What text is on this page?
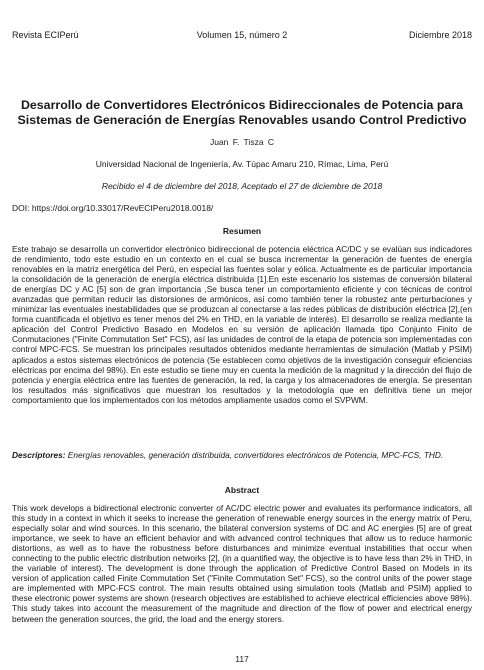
Revista ECIPerú	Volumen 15, número 2	Diciembre 2018
Desarrollo de Convertidores Electrónicos Bidireccionales de Potencia para
Sistemas de Generación de Energías Renovables usando Control Predictivo
Juan F. Tisza C
Universidad Nacional de Ingeniería, Av. Túpac Amaru 210, Rímac, Lima, Perú
Recibido el 4 de diciembre del 2018, Aceptado el 27 de diciembre de 2018
DOI: https://doi.org/10.33017/RevECIPeru2018.0018/
Resumen
Este trabajo se desarrolla un convertidor electrónico bidireccional de potencia eléctrica AC/DC y se evalúan sus indicadores de rendimiento, todo este estudio en un contexto en el cual se busca incrementar la generación de fuentes de energía renovables en la matriz energética del Perú, en especial las fuentes solar y eólica. Actualmente es de particular importancia la consolidación de la generación de energía eléctrica distribuida [1].En este escenario los sistemas de conversión bilateral de energías DC y AC [5] son de gran importancia ,Se busca tener un comportamiento eficiente y con técnicas de control avanzadas que permitan reducir las distorsiones de armónicos, así como también tener la robustez ante perturbaciones y minimizar las eventuales inestabilidades que se produzcan al conectarse a las redes públicas de distribución eléctrica [2],(en forma cuantificada el objetivo es tener menos del 2% en THD, en la variable de interés). El desarrollo se realiza mediante la aplicación del Control Predictivo Basado en Modelos en su versión de aplicación llamada tipo Conjunto Finito de Conmutaciones ("Finite Commutation Set" FCS), así las unidades de control de la etapa de potencia son implementadas con control MPC-FCS. Se muestran los principales resultados obtenidos mediante herramientas de simulación (Matlab y PSIM) aplicados a estos sistemas electrónicos de potencia (Se establecen como objetivos de la investigación conseguir eficiencias eléctricas por encima del 98%). En este estudio se tiene muy en cuenta la medición de la magnitud y la dirección del flujo de potencia y energía eléctrica entre las fuentes de generación, la red, la carga y los almacenadores de energía. Se presentan los resultados más significativos que muestran los resultados y la metodología que en definitiva tiene un mejor comportamiento que los implementados con los métodos ampliamente usados como el SVPWM.
Descriptores: Energías renovables, generación distribuida, convertidores electrónicos de Potencia, MPC-FCS, THD.
Abstract
This work develops a bidirectional electronic converter of AC/DC electric power and evaluates its performance indicators, all this study in a context in which it seeks to increase the generation of renewable energy sources in the energy matrix of Peru, especially solar and wind sources. In this scenario, the bilateral conversion systems of DC and AC energies [5] are of great importance, we seek to have an efficient behavior and with advanced control techniques that allow us to reduce harmonic distortions, as well as to have the robustness before disturbances and minimize eventual instabilities that occur when connecting to the public electric distribution networks [2], (in a quantified way, the objective is to have less than 2% in THD, in the variable of interest). The development is done through the application of Predictive Control Based on Models in its version of application called Finite Commutation Set ("Finite Commutation Set" FCS), so the control units of the power stage are implemented with MPC-FCS control. The main results obtained using simulation tools (Matlab and PSIM) applied to these electronic power systems are shown (research objectives are established to achieve electrical efficiencies above 98%). This study takes into account the measurement of the magnitude and direction of the flow of power and electrical energy between the generation sources, the grid, the load and the energy storers.
117
